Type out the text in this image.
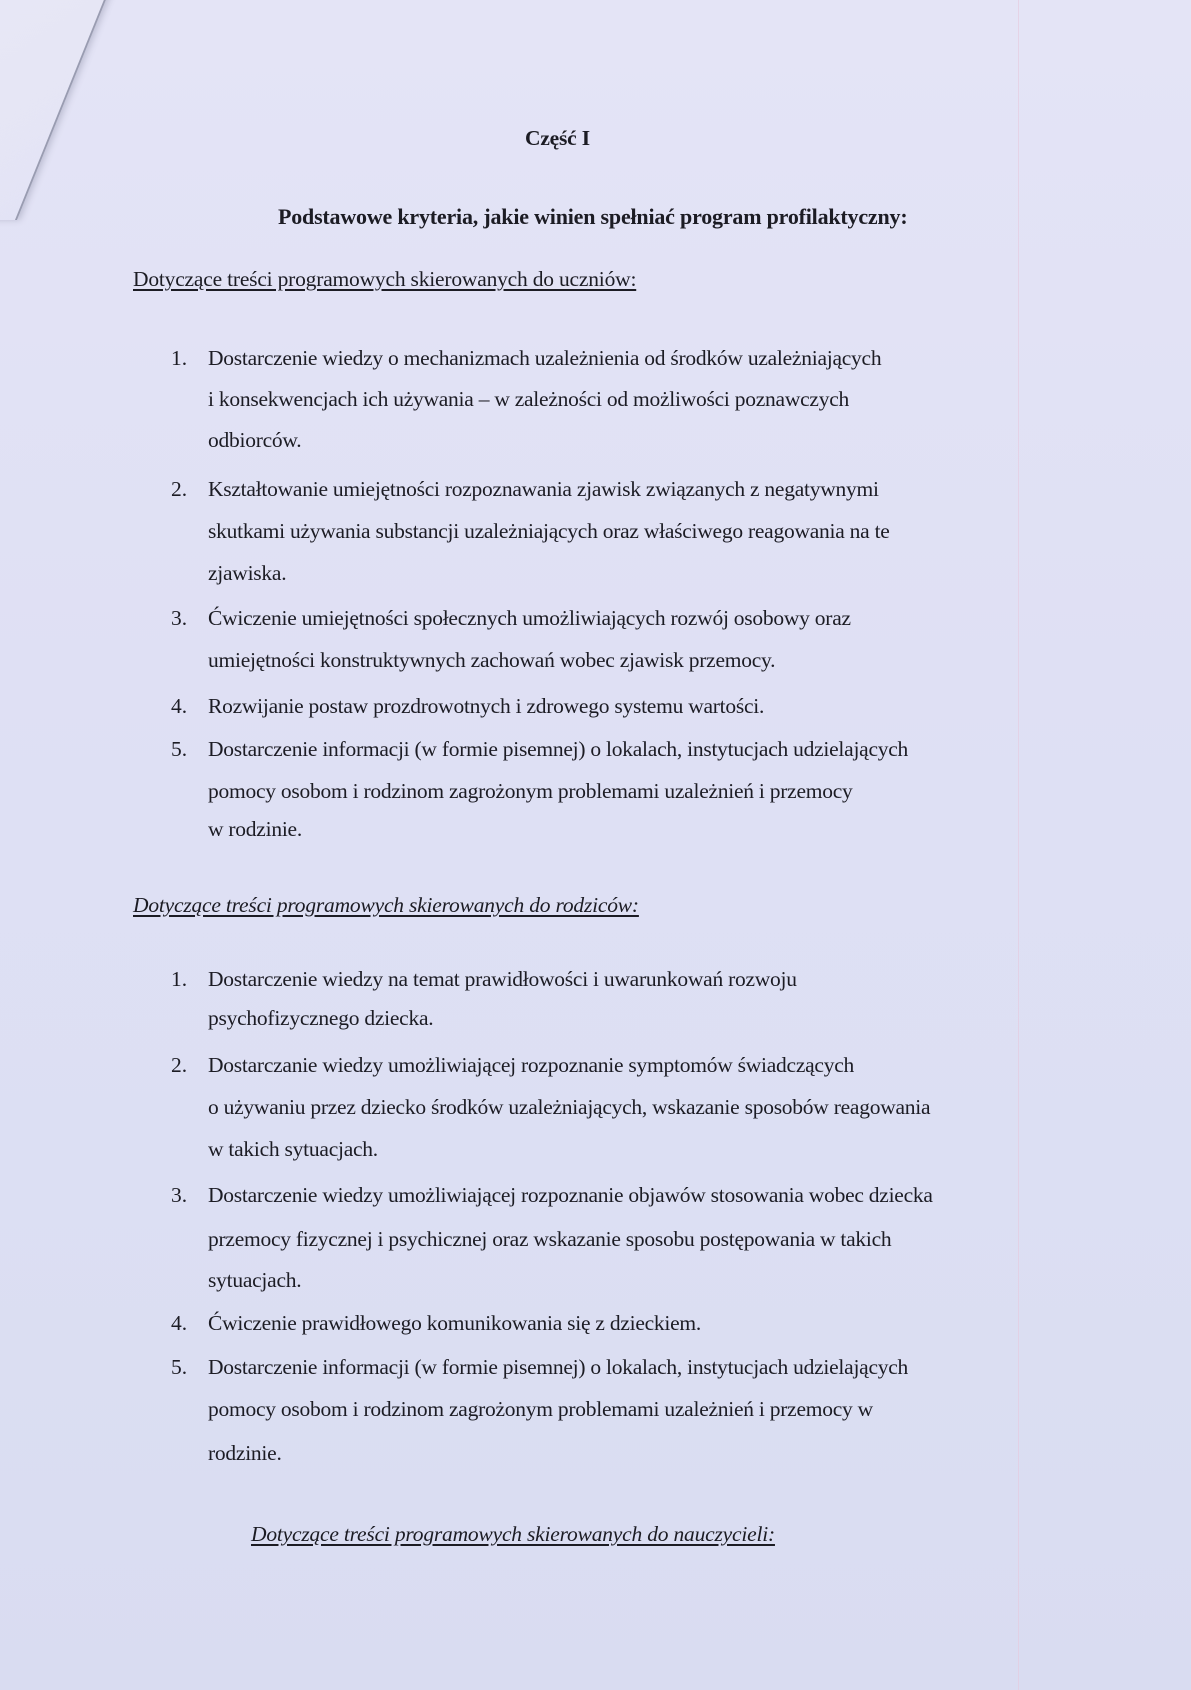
Część I
Podstawowe kryteria, jakie winien spełniać program profilaktyczny:
Dotyczące treści programowych skierowanych do uczniów:
1. Dostarczenie wiedzy o mechanizmach uzależnienia od środków uzależniających
i konsekwencjach ich używania – w zależności od możliwości poznawczych
odbiorców.
2. Kształtowanie umiejętności rozpoznawania zjawisk związanych z negatywnymi
skutkami używania substancji uzależniających oraz właściwego reagowania na te
zjawiska.
3. Ćwiczenie umiejętności społecznych umożliwiających rozwój osobowy oraz
umiejętności konstruktywnych zachowań wobec zjawisk przemocy.
4. Rozwijanie postaw prozdrowotnych i zdrowego systemu wartości.
5. Dostarczenie informacji (w formie pisemnej) o lokalach, instytucjach udzielających
pomocy osobom i rodzinom zagrożonym problemami uzależnień i przemocy
w rodzinie.
Dotyczące treści programowych skierowanych do rodziców:
1. Dostarczenie wiedzy na temat prawidłowości i uwarunkowań rozwoju
psychofizycznego dziecka.
2. Dostarczanie wiedzy umożliwiającej rozpoznanie symptomów świadczących
o używaniu przez dziecko środków uzależniających, wskazanie sposobów reagowania
w takich sytuacjach.
3. Dostarczenie wiedzy umożliwiającej rozpoznanie objawów stosowania wobec dziecka
przemocy fizycznej i psychicznej oraz wskazanie sposobu postępowania w takich
sytuacjach.
4. Ćwiczenie prawidłowego komunikowania się z dzieckiem.
5. Dostarczenie informacji (w formie pisemnej) o lokalach, instytucjach udzielających
pomocy osobom i rodzinom zagrożonym problemami uzależnień i przemocy w
rodzinie.
Dotyczące treści programowych skierowanych do nauczycieli:
